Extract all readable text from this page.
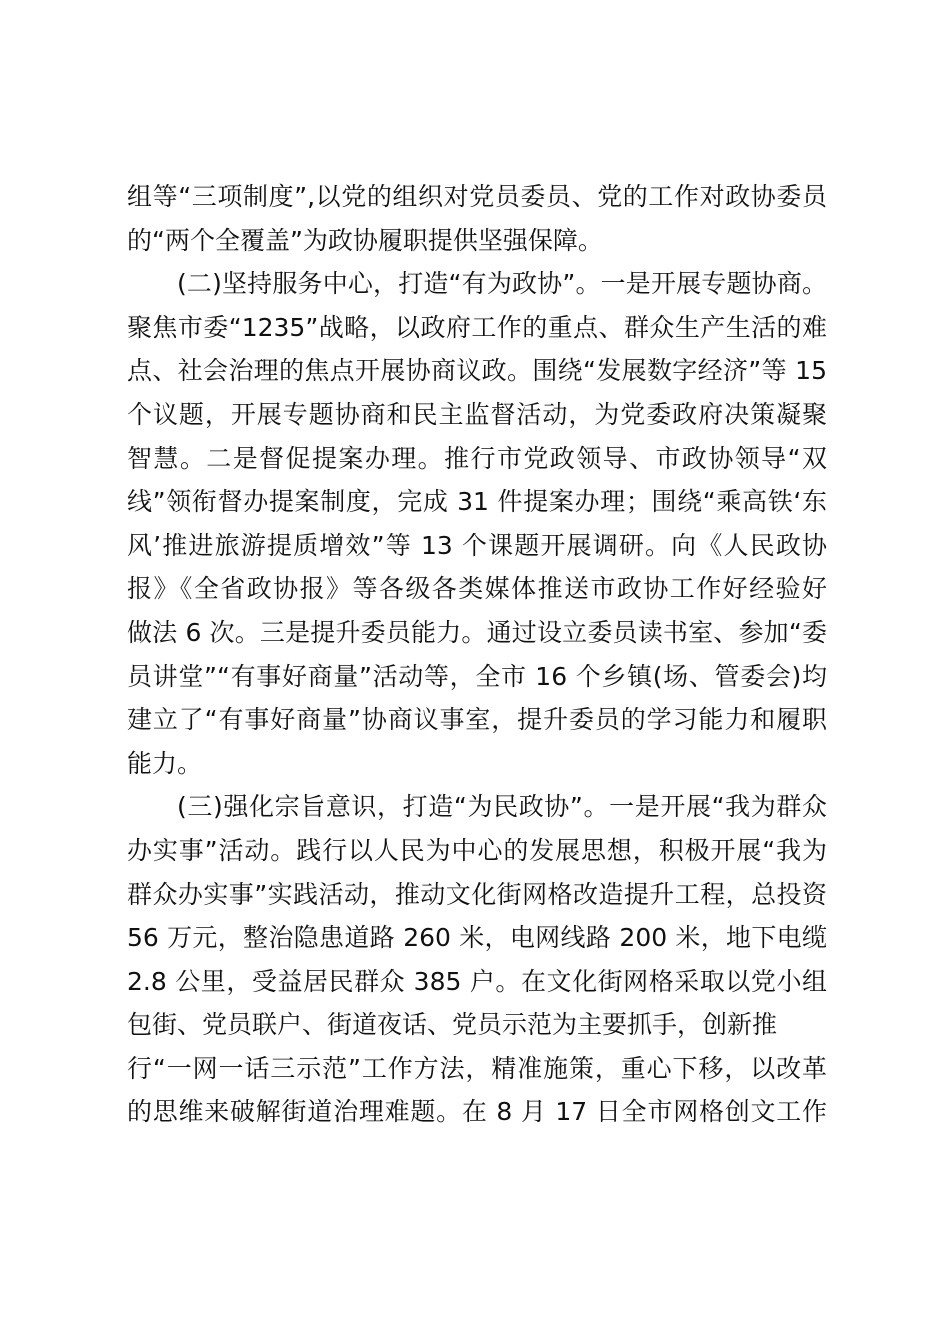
组等“三项制度”,以党的组织对党员委员、党的工作对政协委员
的“两个全覆盖”为政协履职提供坚强保障。
(二)坚持服务中心，打造“有为政协”。一是开展专题协商。
聚焦市委“1235”战略，以政府工作的重点、群众生产生活的难
点、社会治理的焦点开展协商议政。围绕“发展数字经济”等 15
个议题，开展专题协商和民主监督活动，为党委政府决策凝聚
智慧。二是督促提案办理。推行市党政领导、市政协领导“双
线”领衔督办提案制度，完成 31 件提案办理；围绕“乘高铁‘东
风’推进旅游提质增效”等 13 个课题开展调研。向《人民政协
报》《全省政协报》等各级各类媒体推送市政协工作好经验好
做法 6 次。三是提升委员能力。通过设立委员读书室、参加“委
员讲堂”“有事好商量”活动等，全市 16 个乡镇(场、管委会)均
建立了“有事好商量”协商议事室，提升委员的学习能力和履职
能力。
(三)强化宗旨意识，打造“为民政协”。一是开展“我为群众
办实事”活动。践行以人民为中心的发展思想，积极开展“我为
群众办实事”实践活动，推动文化街网格改造提升工程，总投资
56 万元，整治隐患道路 260 米，电网线路 200 米，地下电缆
2.8 公里，受益居民群众 385 户。在文化街网格采取以党小组
包街、党员联户、街道夜话、党员示范为主要抓手，创新推
行“一网一话三示范”工作方法，精准施策，重心下移，以改革
的思维来破解街道治理难题。在 8 月 17 日全市网格创文工作
